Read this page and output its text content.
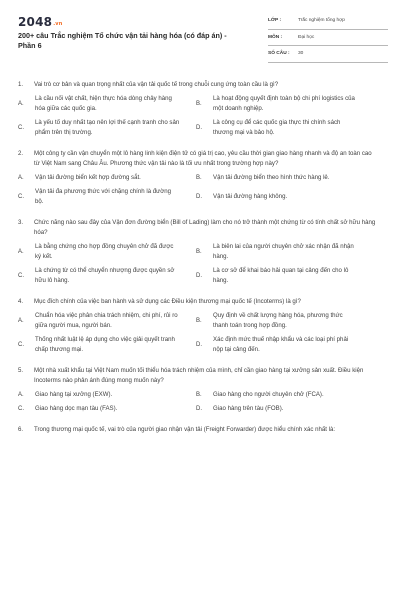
2048.vn
200+ câu Trắc nghiệm Tổ chức vận tải hàng hóa (có đáp án) - Phần 6
LỚP :	Trắc nghiệm tổng hợp
MÔN :	Đại học
SỐ CÂU :	30
1.	Vai trò cơ bản và quan trọng nhất của vận tải quốc tế trong chuỗi cung ứng toàn cầu là gì?
A.
Là cầu nối vật chất, hiện thực hóa dòng chảy hàng hóa giữa các quốc gia.
B.
Là hoạt động quyết định toàn bộ chi phí logistics của một doanh nghiệp.
C.
Là yếu tố duy nhất tạo nên lợi thế cạnh tranh cho sản phẩm trên thị trường.
D.
Là công cụ để các quốc gia thực thi chính sách thương mại và bảo hộ.
2.	Một công ty cần vận chuyển một lô hàng linh kiện điện tử có giá trị cao, yêu cầu thời gian giao hàng nhanh và độ an toàn cao từ Việt Nam sang Châu Âu. Phương thức vận tải nào là tối ưu nhất trong trường hợp này?
A.	Vận tải đường biển kết hợp đường sắt.	B.	Vận tải đường biển theo hình thức hàng lẻ.
C.
Vận tải đa phương thức với chặng chính là đường bộ.
D.	Vận tải đường hàng không.
3.	Chức năng nào sau đây của Vận đơn đường biển (Bill of Lading) làm cho nó trở thành một chứng từ có tính chất sở hữu hàng hóa?
A.
Là bằng chứng cho hợp đồng chuyên chở đã được ký kết.
B.
Là biên lai của người chuyên chở xác nhận đã nhận hàng.
C.
Là chứng từ có thể chuyển nhượng được quyền sở hữu lô hàng.
D.
Là cơ sở để khai báo hải quan tại cảng đến cho lô hàng.
4.	Mục đích chính của việc ban hành và sử dụng các Điều kiện thương mại quốc tế (Incoterms) là gì?
A.
Chuẩn hóa việc phân chia trách nhiệm, chi phí, rủi ro giữa người mua, người bán.
B.
Quy định về chất lượng hàng hóa, phương thức thanh toán trong hợp đồng.
C.
Thống nhất luật lệ áp dụng cho việc giải quyết tranh chấp thương mại.
D.
Xác định mức thuế nhập khẩu và các loại phí phải nộp tại cảng đến.
5.	Một nhà xuất khẩu tại Việt Nam muốn tối thiểu hóa trách nhiệm của mình, chỉ cần giao hàng tại xưởng sản xuất. Điều kiện Incoterms nào phản ánh đúng mong muốn này?
A.	Giao hàng tại xưởng (EXW).	B.	Giao hàng cho người chuyên chở (FCA).
C.	Giao hàng dọc mạn tàu (FAS).	D.	Giao hàng trên tàu (FOB).
6.	Trong thương mại quốc tế, vai trò của người giao nhận vận tải (Freight Forwarder) được hiểu chính xác nhất là:
